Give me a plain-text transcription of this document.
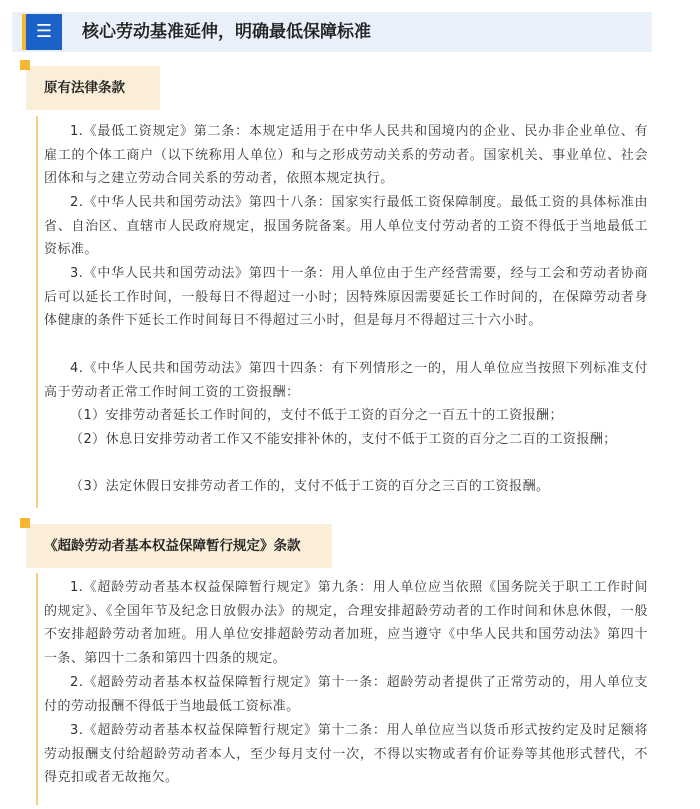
☰	核心劳动基准延伸，明确最低保障标准
原有法律条款

1.《最低工资规定》第二条：本规定适用于在中华人民共和国境内的企业、民办非企业单位、有雇工的个体工商户（以下统称用人单位）和与之形成劳动关系的劳动者。国家机关、事业单位、社会团体和与之建立劳动合同关系的劳动者，依照本规定执行。

2.《中华人民共和国劳动法》第四十八条：国家实行最低工资保障制度。最低工资的具体标准由省、自治区、直辖市人民政府规定，报国务院备案。用人单位支付劳动者的工资不得低于当地最低工资标准。

3.《中华人民共和国劳动法》第四十一条：用人单位由于生产经营需要，经与工会和劳动者协商后可以延长工作时间，一般每日不得超过一小时；因特殊原因需要延长工作时间的，在保障劳动者身体健康的条件下延长工作时间每日不得超过三小时，但是每月不得超过三十六小时。

4.《中华人民共和国劳动法》第四十四条：有下列情形之一的，用人单位应当按照下列标准支付高于劳动者正常工作时间工资的工资报酬：

（1）安排劳动者延长工作时间的，支付不低于工资的百分之一百五十的工资报酬；

（2）休息日安排劳动者工作又不能安排补休的，支付不低于工资的百分之二百的工资报酬；

（3）法定休假日安排劳动者工作的，支付不低于工资的百分之三百的工资报酬。

《超龄劳动者基本权益保障暂行规定》条款

1.《超龄劳动者基本权益保障暂行规定》第九条：用人单位应当依照《国务院关于职工工作时间的规定》、《全国年节及纪念日放假办法》的规定，合理安排超龄劳动者的工作时间和休息休假，一般不安排超龄劳动者加班。用人单位安排超龄劳动者加班，应当遵守《中华人民共和国劳动法》第四十一条、第四十二条和第四十四条的规定。

2.《超龄劳动者基本权益保障暂行规定》第十一条：超龄劳动者提供了正常劳动的，用人单位支付的劳动报酬不得低于当地最低工资标准。

3.《超龄劳动者基本权益保障暂行规定》第十二条：用人单位应当以货币形式按约定及时足额将劳动报酬支付给超龄劳动者本人，至少每月支付一次，不得以实物或者有价证券等其他形式替代，不得克扣或者无故拖欠。
